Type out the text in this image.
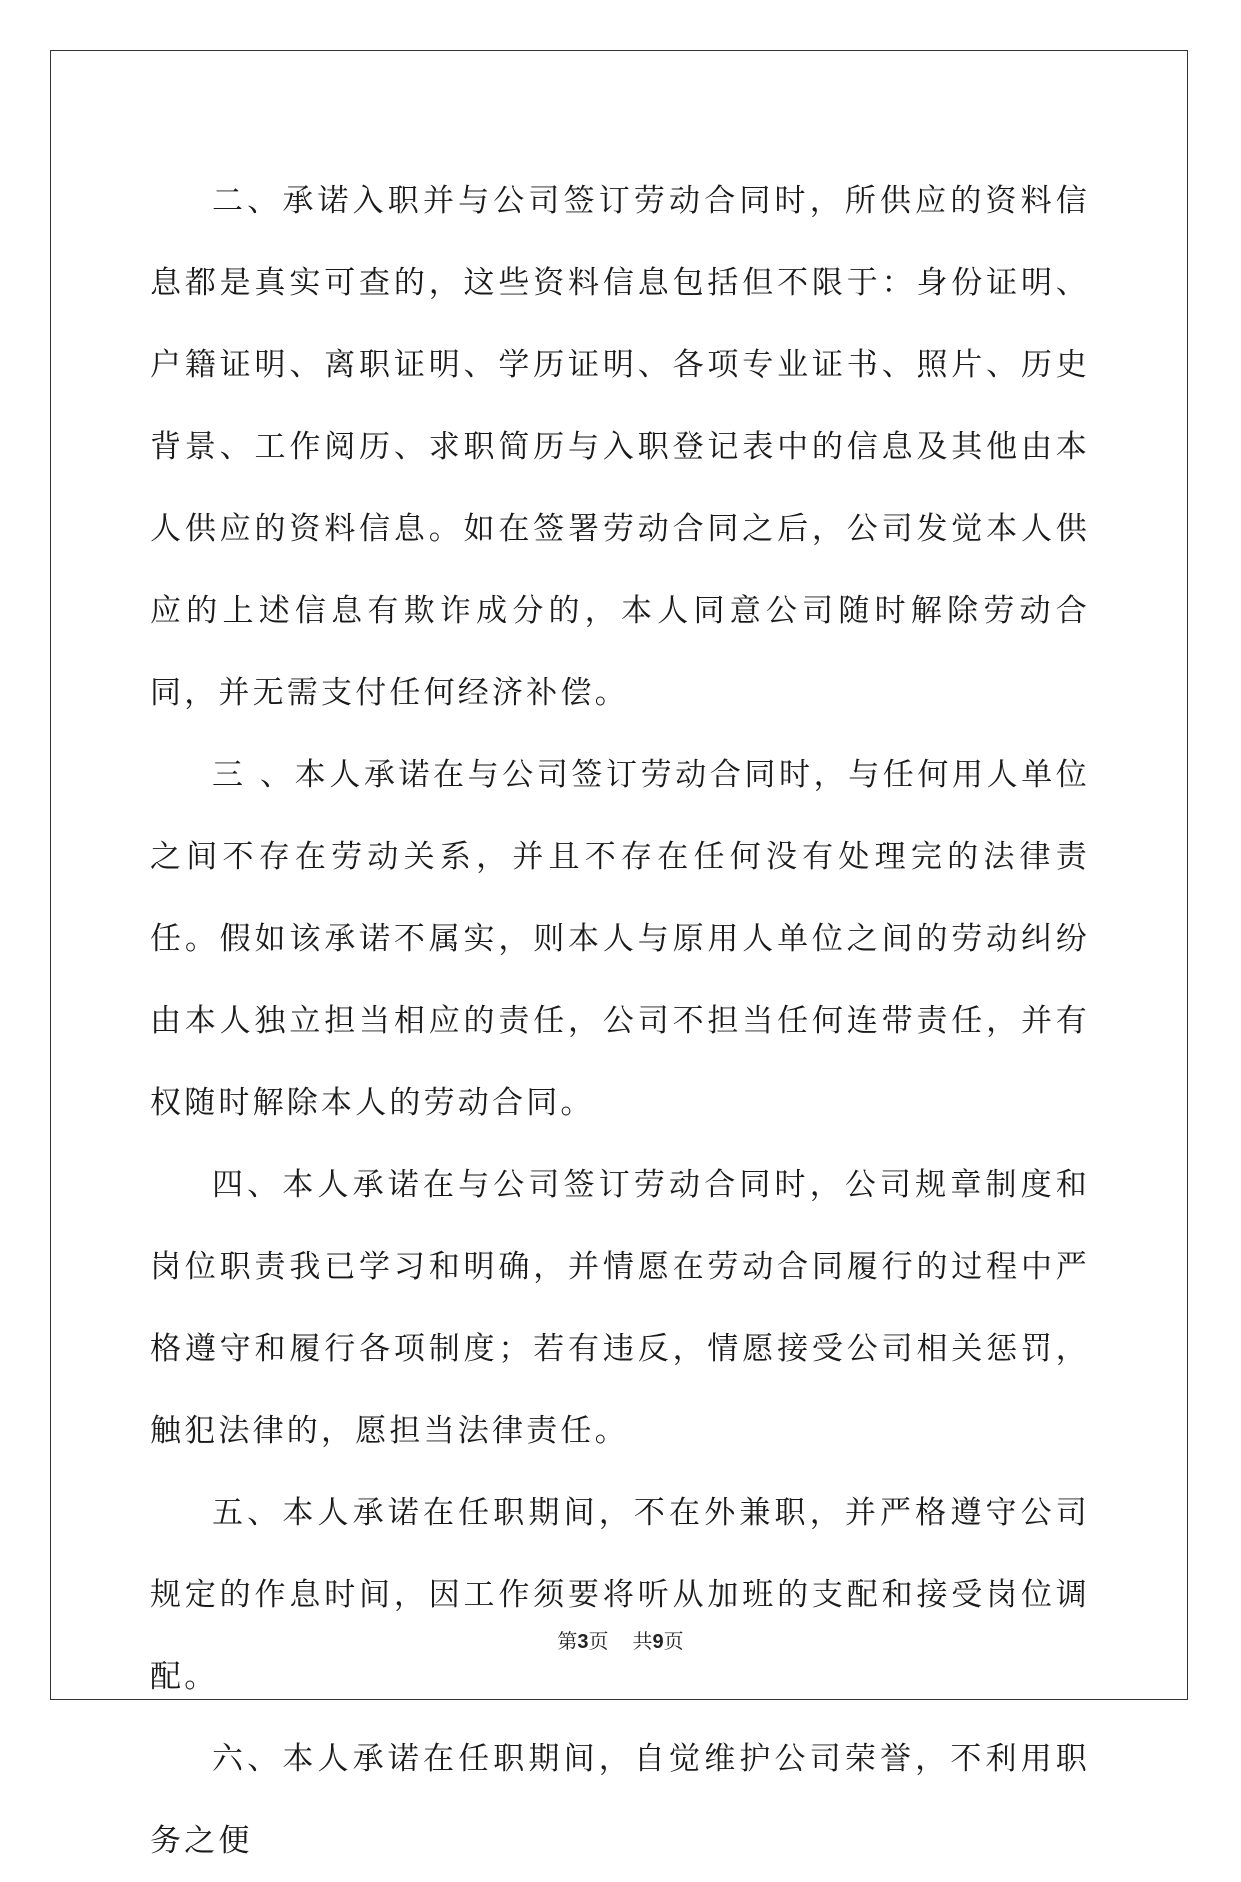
二、承诺入职并与公司签订劳动合同时，所供应的资料信息都是真实可查的，这些资料信息包括但不限于：身份证明、户籍证明、离职证明、学历证明、各项专业证书、照片、历史背景、工作阅历、求职简历与入职登记表中的信息及其他由本人供应的资料信息。如在签署劳动合同之后，公司发觉本人供应的上述信息有欺诈成分的，本人同意公司随时解除劳动合同，并无需支付任何经济补偿。

三 、本人承诺在与公司签订劳动合同时，与任何用人单位之间不存在劳动关系，并且不存在任何没有处理完的法律责任。假如该承诺不属实，则本人与原用人单位之间的劳动纠纷由本人独立担当相应的责任，公司不担当任何连带责任，并有权随时解除本人的劳动合同。

四、本人承诺在与公司签订劳动合同时，公司规章制度和岗位职责我已学习和明确，并情愿在劳动合同履行的过程中严格遵守和履行各项制度；若有违反，情愿接受公司相关惩罚，触犯法律的，愿担当法律责任。

五、本人承诺在任职期间，不在外兼职，并严格遵守公司规定的作息时间，因工作须要将听从加班的支配和接受岗位调配。

六、本人承诺在任职期间，自觉维护公司荣誉，不利用职务之便

第3页 共9页
